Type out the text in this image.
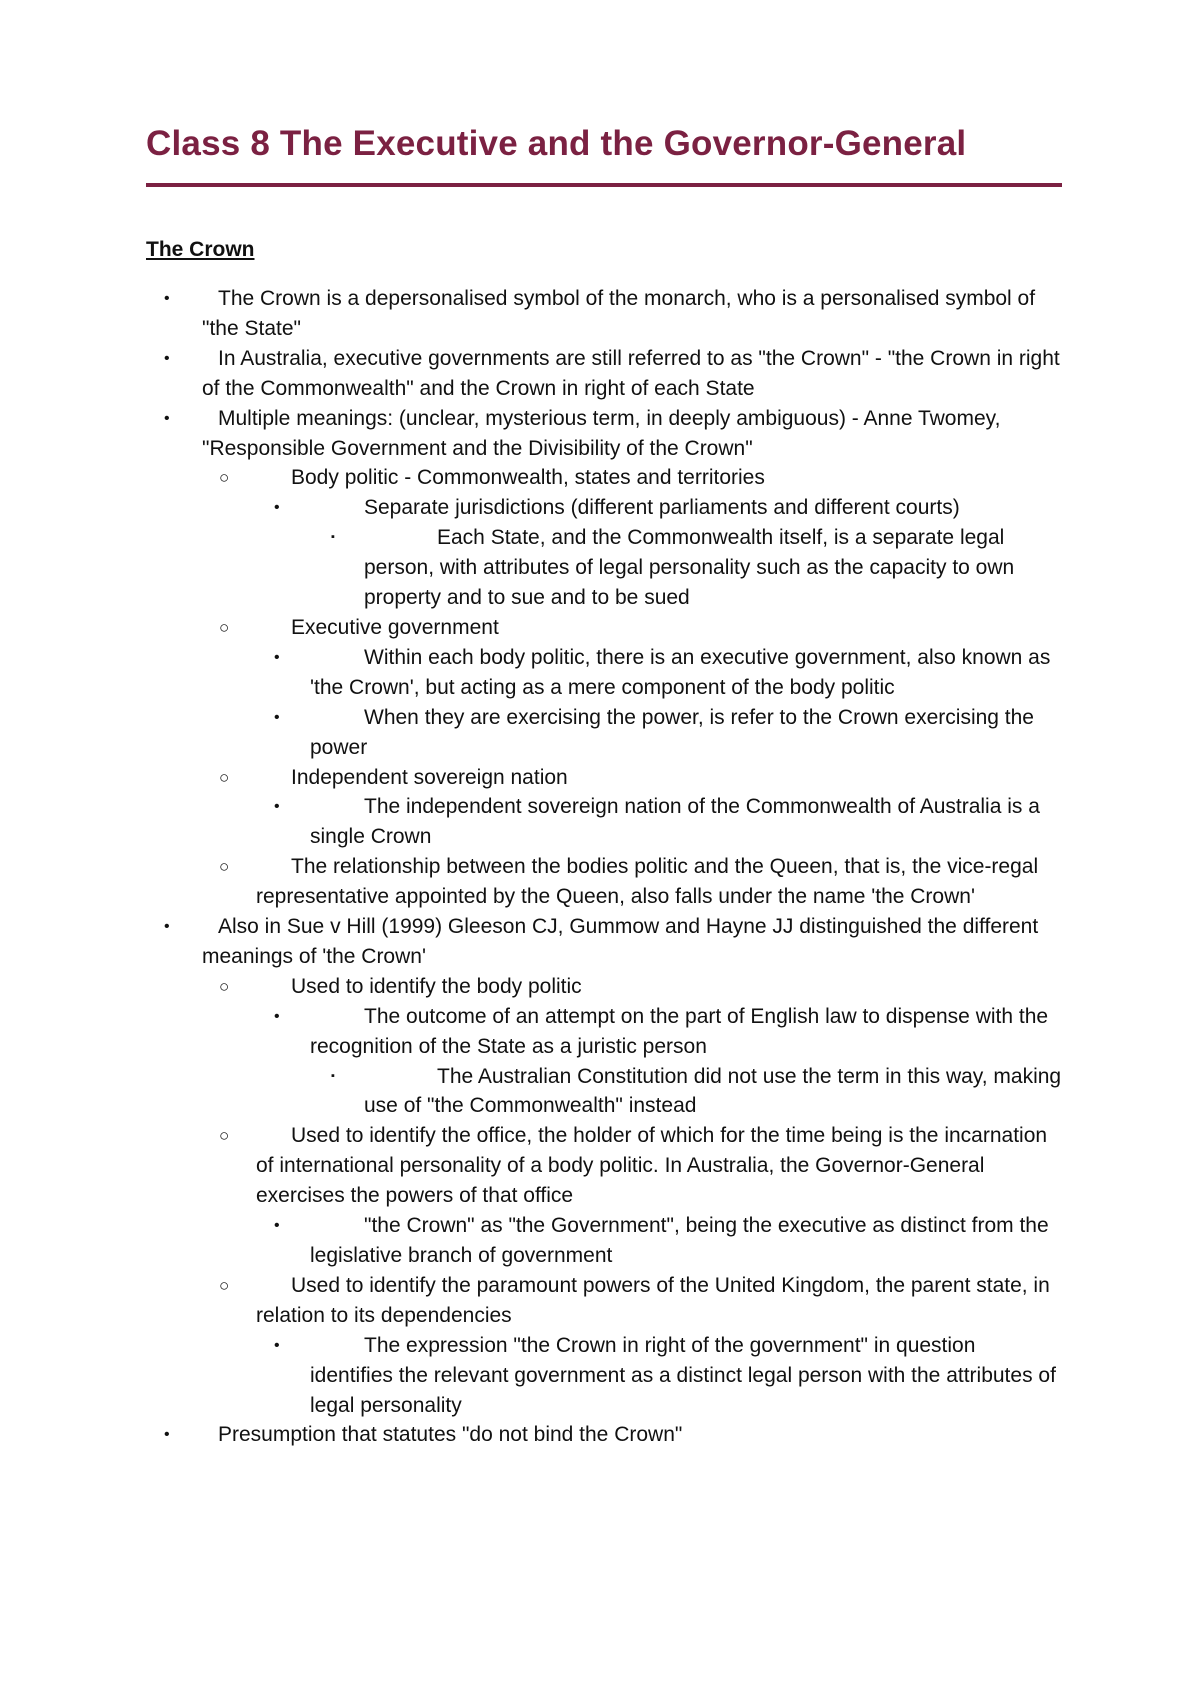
Class 8 The Executive and the Governor-General
The Crown
• The Crown is a depersonalised symbol of the monarch, who is a personalised symbol of "the State"
• In Australia, executive governments are still referred to as "the Crown" - "the Crown in right of the Commonwealth" and the Crown in right of each State
• Multiple meanings: (unclear, mysterious term, in deeply ambiguous) - Anne Twomey, "Responsible Government and the Divisibility of the Crown"
○	Body politic - Commonwealth, states and territories
•	Separate jurisdictions (different parliaments and different courts)
▪	Each State, and the Commonwealth itself, is a separate legal person, with attributes of legal personality such as the capacity to own property and to sue and to be sued
○	Executive government
•	Within each body politic, there is an executive government, also known as 'the Crown', but acting as a mere component of the body politic
•	When they are exercising the power, is refer to the Crown exercising the power
○	Independent sovereign nation
•	The independent sovereign nation of the Commonwealth of Australia is a single Crown
○	The relationship between the bodies politic and the Queen, that is, the vice-regal representative appointed by the Queen, also falls under the name 'the Crown'
• Also in Sue v Hill (1999) Gleeson CJ, Gummow and Hayne JJ distinguished the different meanings of 'the Crown'
○	Used to identify the body politic
•	The outcome of an attempt on the part of English law to dispense with the recognition of the State as a juristic person
▪	The Australian Constitution did not use the term in this way, making use of "the Commonwealth" instead
○	Used to identify the office, the holder of which for the time being is the incarnation of international personality of a body politic. In Australia, the Governor-General exercises the powers of that office
•	"the Crown" as "the Government", being the executive as distinct from the legislative branch of government
○	Used to identify the paramount powers of the United Kingdom, the parent state, in relation to its dependencies
•	The expression "the Crown in right of the government" in question identifies the relevant government as a distinct legal person with the attributes of legal personality
• Presumption that statutes "do not bind the Crown"
